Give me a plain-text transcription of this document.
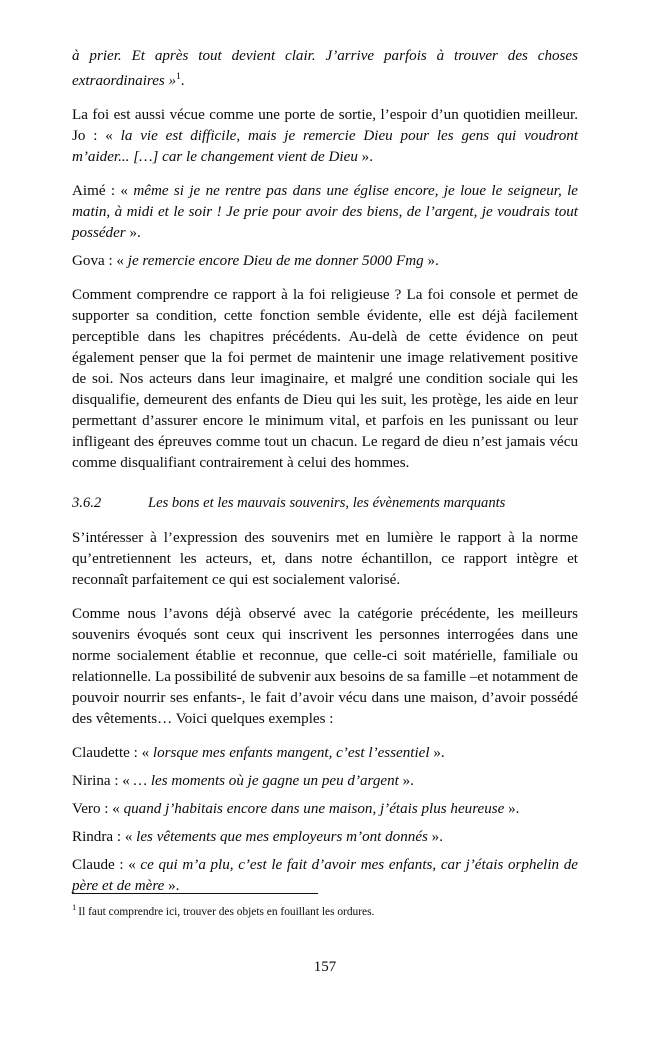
à prier. Et après tout devient clair. J’arrive parfois à trouver des choses extraordinaires »$^1$.

La foi est aussi vécue comme une porte de sortie, l’espoir d’un quotidien meilleur. Jo : « la vie est difficile, mais je remercie Dieu pour les gens qui voudront m’aider... […] car le changement vient de Dieu ».

Aimé : « même si je ne rentre pas dans une église encore, je loue le seigneur, le matin, à midi et le soir ! Je prie pour avoir des biens, de l’argent, je voudrais tout posséder ».

Gova : « je remercie encore Dieu de me donner 5000 Fmg ».

Comment comprendre ce rapport à la foi religieuse ? La foi console et permet de supporter sa condition, cette fonction semble évidente, elle est déjà facilement perceptible dans les chapitres précédents. Au-delà de cette évidence on peut également penser que la foi permet de maintenir une image relativement positive de soi. Nos acteurs dans leur imaginaire, et malgré une condition sociale qui les disqualifie, demeurent des enfants de Dieu qui les suit, les protège, les aide en leur permettant d’assurer encore le minimum vital, et parfois en les punissant ou leur infligeant des épreuves comme tout un chacun. Le regard de dieu n’est jamais vécu comme disqualifiant contrairement à celui des hommes.

3.6.2	Les bons et les mauvais souvenirs, les évènements marquants

S’intéresser à l’expression des souvenirs met en lumière le rapport à la norme qu’entretiennent les acteurs, et, dans notre échantillon, ce rapport intègre et reconnaît parfaitement ce qui est socialement valorisé.

Comme nous l’avons déjà observé avec la catégorie précédente, les meilleurs souvenirs évoqués sont ceux qui inscrivent les personnes interrogées dans une norme socialement établie et reconnue, que celle-ci soit matérielle, familiale ou relationnelle. La possibilité de subvenir aux besoins de sa famille –et notamment de pouvoir nourrir ses enfants-, le fait d’avoir vécu dans une maison, d’avoir possédé des vêtements… Voici quelques exemples :

Claudette : « lorsque mes enfants mangent, c’est l’essentiel ».

Nirina : « … les moments où je gagne un peu d’argent ».

Vero : « quand j’habitais encore dans une maison, j’étais plus heureuse ».

Rindra : « les vêtements que mes employeurs m’ont donnés ».

Claude : « ce qui m’a plu, c’est le fait d’avoir mes enfants, car j’étais orphelin de père et de mère ».

$^1$ Il faut comprendre ici, trouver des objets en fouillant les ordures.

157
